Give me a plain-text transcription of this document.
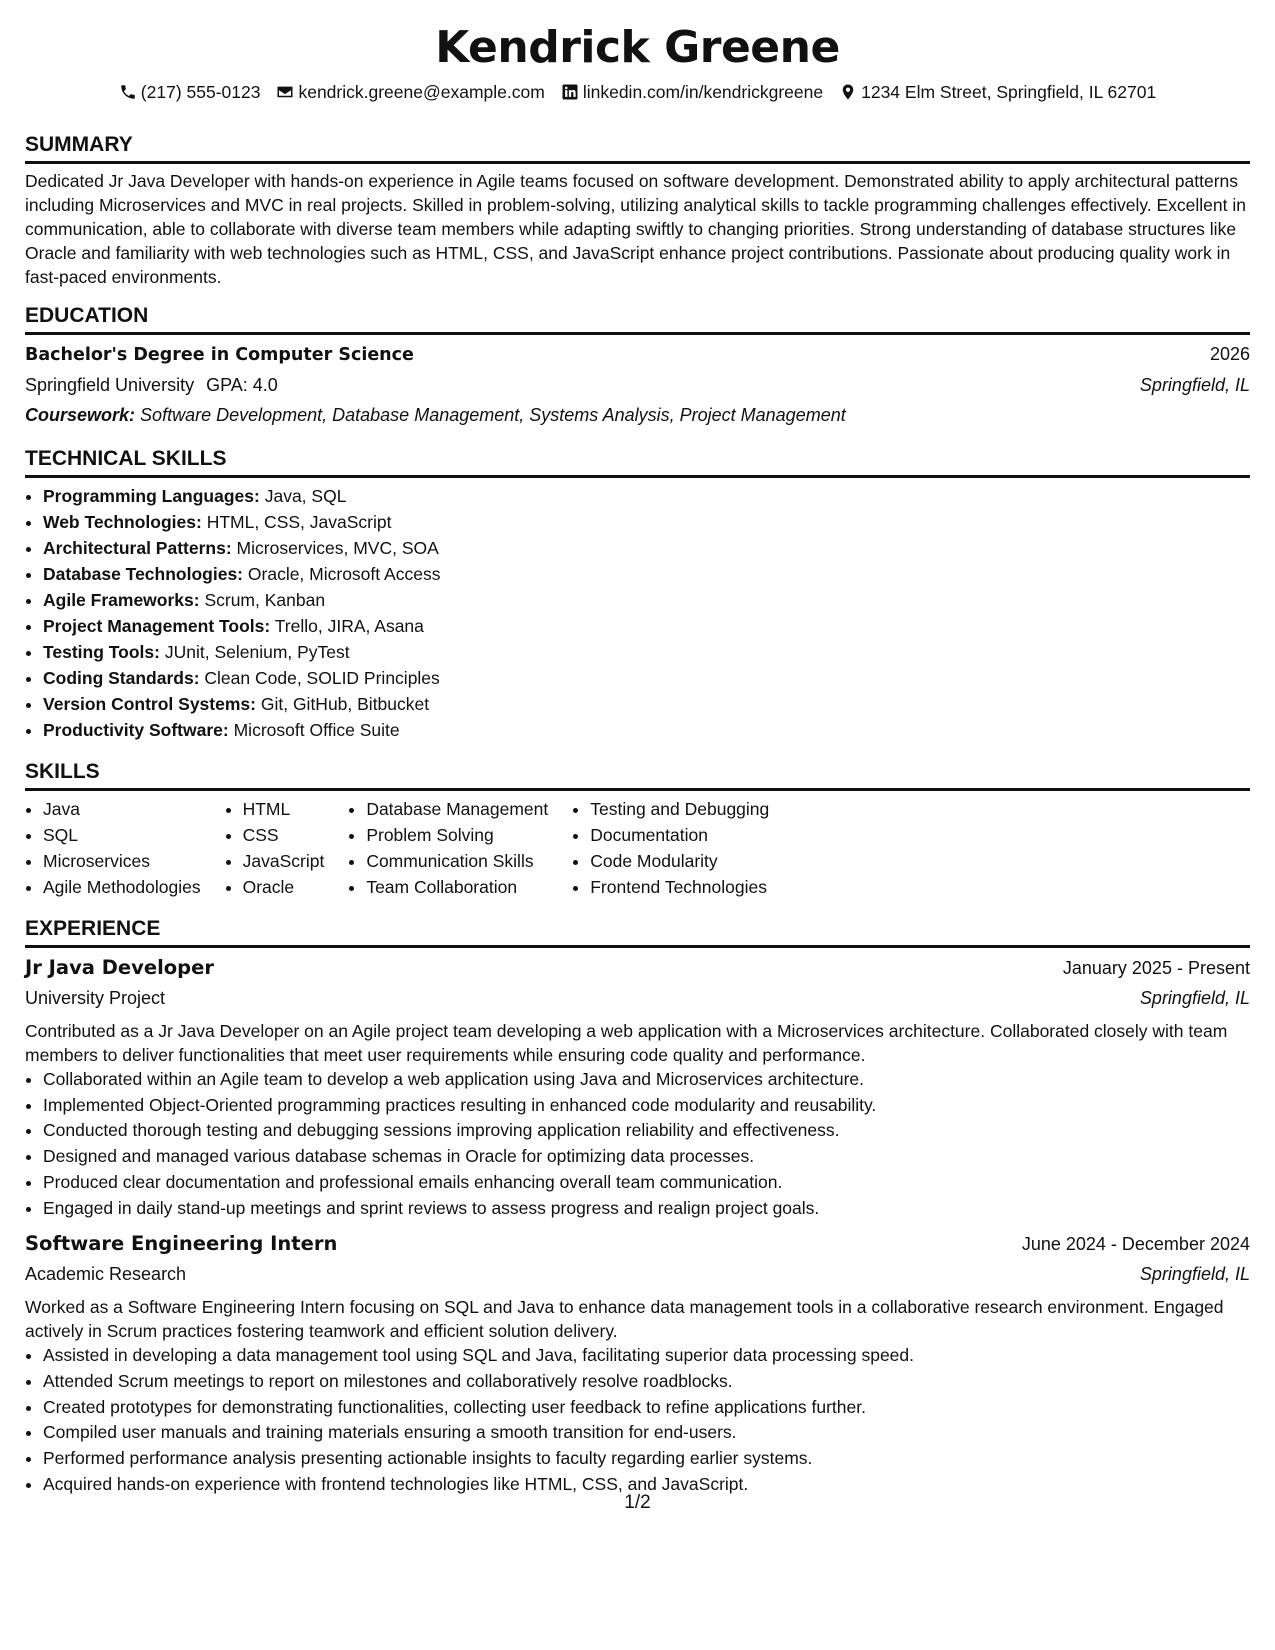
Kendrick Greene
(217) 555-0123 kendrick.greene@example.com linkedin.com/in/kendrickgreene 1234 Elm Street, Springfield, IL 62701
SUMMARY
Dedicated Jr Java Developer with hands-on experience in Agile teams focused on software development. Demonstrated ability to apply architectural patterns including Microservices and MVC in real projects. Skilled in problem-solving, utilizing analytical skills to tackle programming challenges effectively. Excellent in communication, able to collaborate with diverse team members while adapting swiftly to changing priorities. Strong understanding of database structures like Oracle and familiarity with web technologies such as HTML, CSS, and JavaScript enhance project contributions. Passionate about producing quality work in fast-paced environments.
EDUCATION
Bachelor's Degree in Computer Science	2026
Springfield University GPA: 4.0	Springfield, IL
Coursework: Software Development, Database Management, Systems Analysis, Project Management
TECHNICAL SKILLS
• Programming Languages: Java, SQL
• Web Technologies: HTML, CSS, JavaScript
• Architectural Patterns: Microservices, MVC, SOA
• Database Technologies: Oracle, Microsoft Access
• Agile Frameworks: Scrum, Kanban
• Project Management Tools: Trello, JIRA, Asana
• Testing Tools: JUnit, Selenium, PyTest
• Coding Standards: Clean Code, SOLID Principles
• Version Control Systems: Git, GitHub, Bitbucket
• Productivity Software: Microsoft Office Suite
SKILLS
• Java
• SQL
• Microservices
• Agile Methodologies
• HTML
• CSS
• JavaScript
• Oracle
• Database Management
• Problem Solving
• Communication Skills
• Team Collaboration
• Testing and Debugging
• Documentation
• Code Modularity
• Frontend Technologies
EXPERIENCE
Jr Java Developer	January 2025 - Present
University Project	Springfield, IL
Contributed as a Jr Java Developer on an Agile project team developing a web application with a Microservices architecture. Collaborated closely with team members to deliver functionalities that meet user requirements while ensuring code quality and performance.
• Collaborated within an Agile team to develop a web application using Java and Microservices architecture.
• Implemented Object-Oriented programming practices resulting in enhanced code modularity and reusability.
• Conducted thorough testing and debugging sessions improving application reliability and effectiveness.
• Designed and managed various database schemas in Oracle for optimizing data processes.
• Produced clear documentation and professional emails enhancing overall team communication.
• Engaged in daily stand-up meetings and sprint reviews to assess progress and realign project goals.
Software Engineering Intern	June 2024 - December 2024
Academic Research	Springfield, IL
Worked as a Software Engineering Intern focusing on SQL and Java to enhance data management tools in a collaborative research environment. Engaged actively in Scrum practices fostering teamwork and efficient solution delivery.
• Assisted in developing a data management tool using SQL and Java, facilitating superior data processing speed.
• Attended Scrum meetings to report on milestones and collaboratively resolve roadblocks.
• Created prototypes for demonstrating functionalities, collecting user feedback to refine applications further.
• Compiled user manuals and training materials ensuring a smooth transition for end-users.
• Performed performance analysis presenting actionable insights to faculty regarding earlier systems.
• Acquired hands-on experience with frontend technologies like HTML, CSS, and JavaScript.
1/2
